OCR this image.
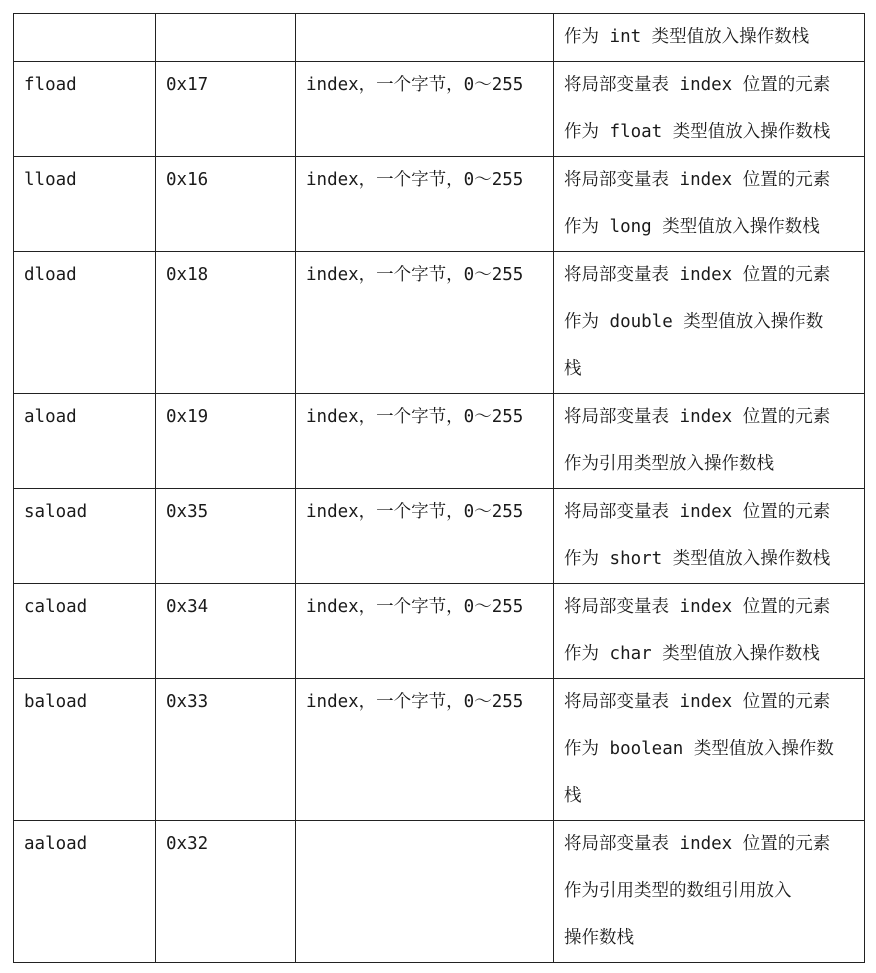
			作为 int 类型值放入操作数栈

fload	0x17	index，一个字节，0～255	将局部变量表 index 位置的元素
作为 float 类型值放入操作数栈

lload	0x16	index，一个字节，0～255	将局部变量表 index 位置的元素
作为 long 类型值放入操作数栈

dload	0x18	index，一个字节，0～255	将局部变量表 index 位置的元素
作为 double 类型值放入操作数
栈

aload	0x19	index，一个字节，0～255	将局部变量表 index 位置的元素
作为引用类型放入操作数栈

saload	0x35	index，一个字节，0～255	将局部变量表 index 位置的元素
作为 short 类型值放入操作数栈

caload	0x34	index，一个字节，0～255	将局部变量表 index 位置的元素
作为 char 类型值放入操作数栈

baload	0x33	index，一个字节，0～255	将局部变量表 index 位置的元素
作为 boolean 类型值放入操作数
栈

aaload	0x32		将局部变量表 index 位置的元素
作为引用类型的数组引用放入
操作数栈
